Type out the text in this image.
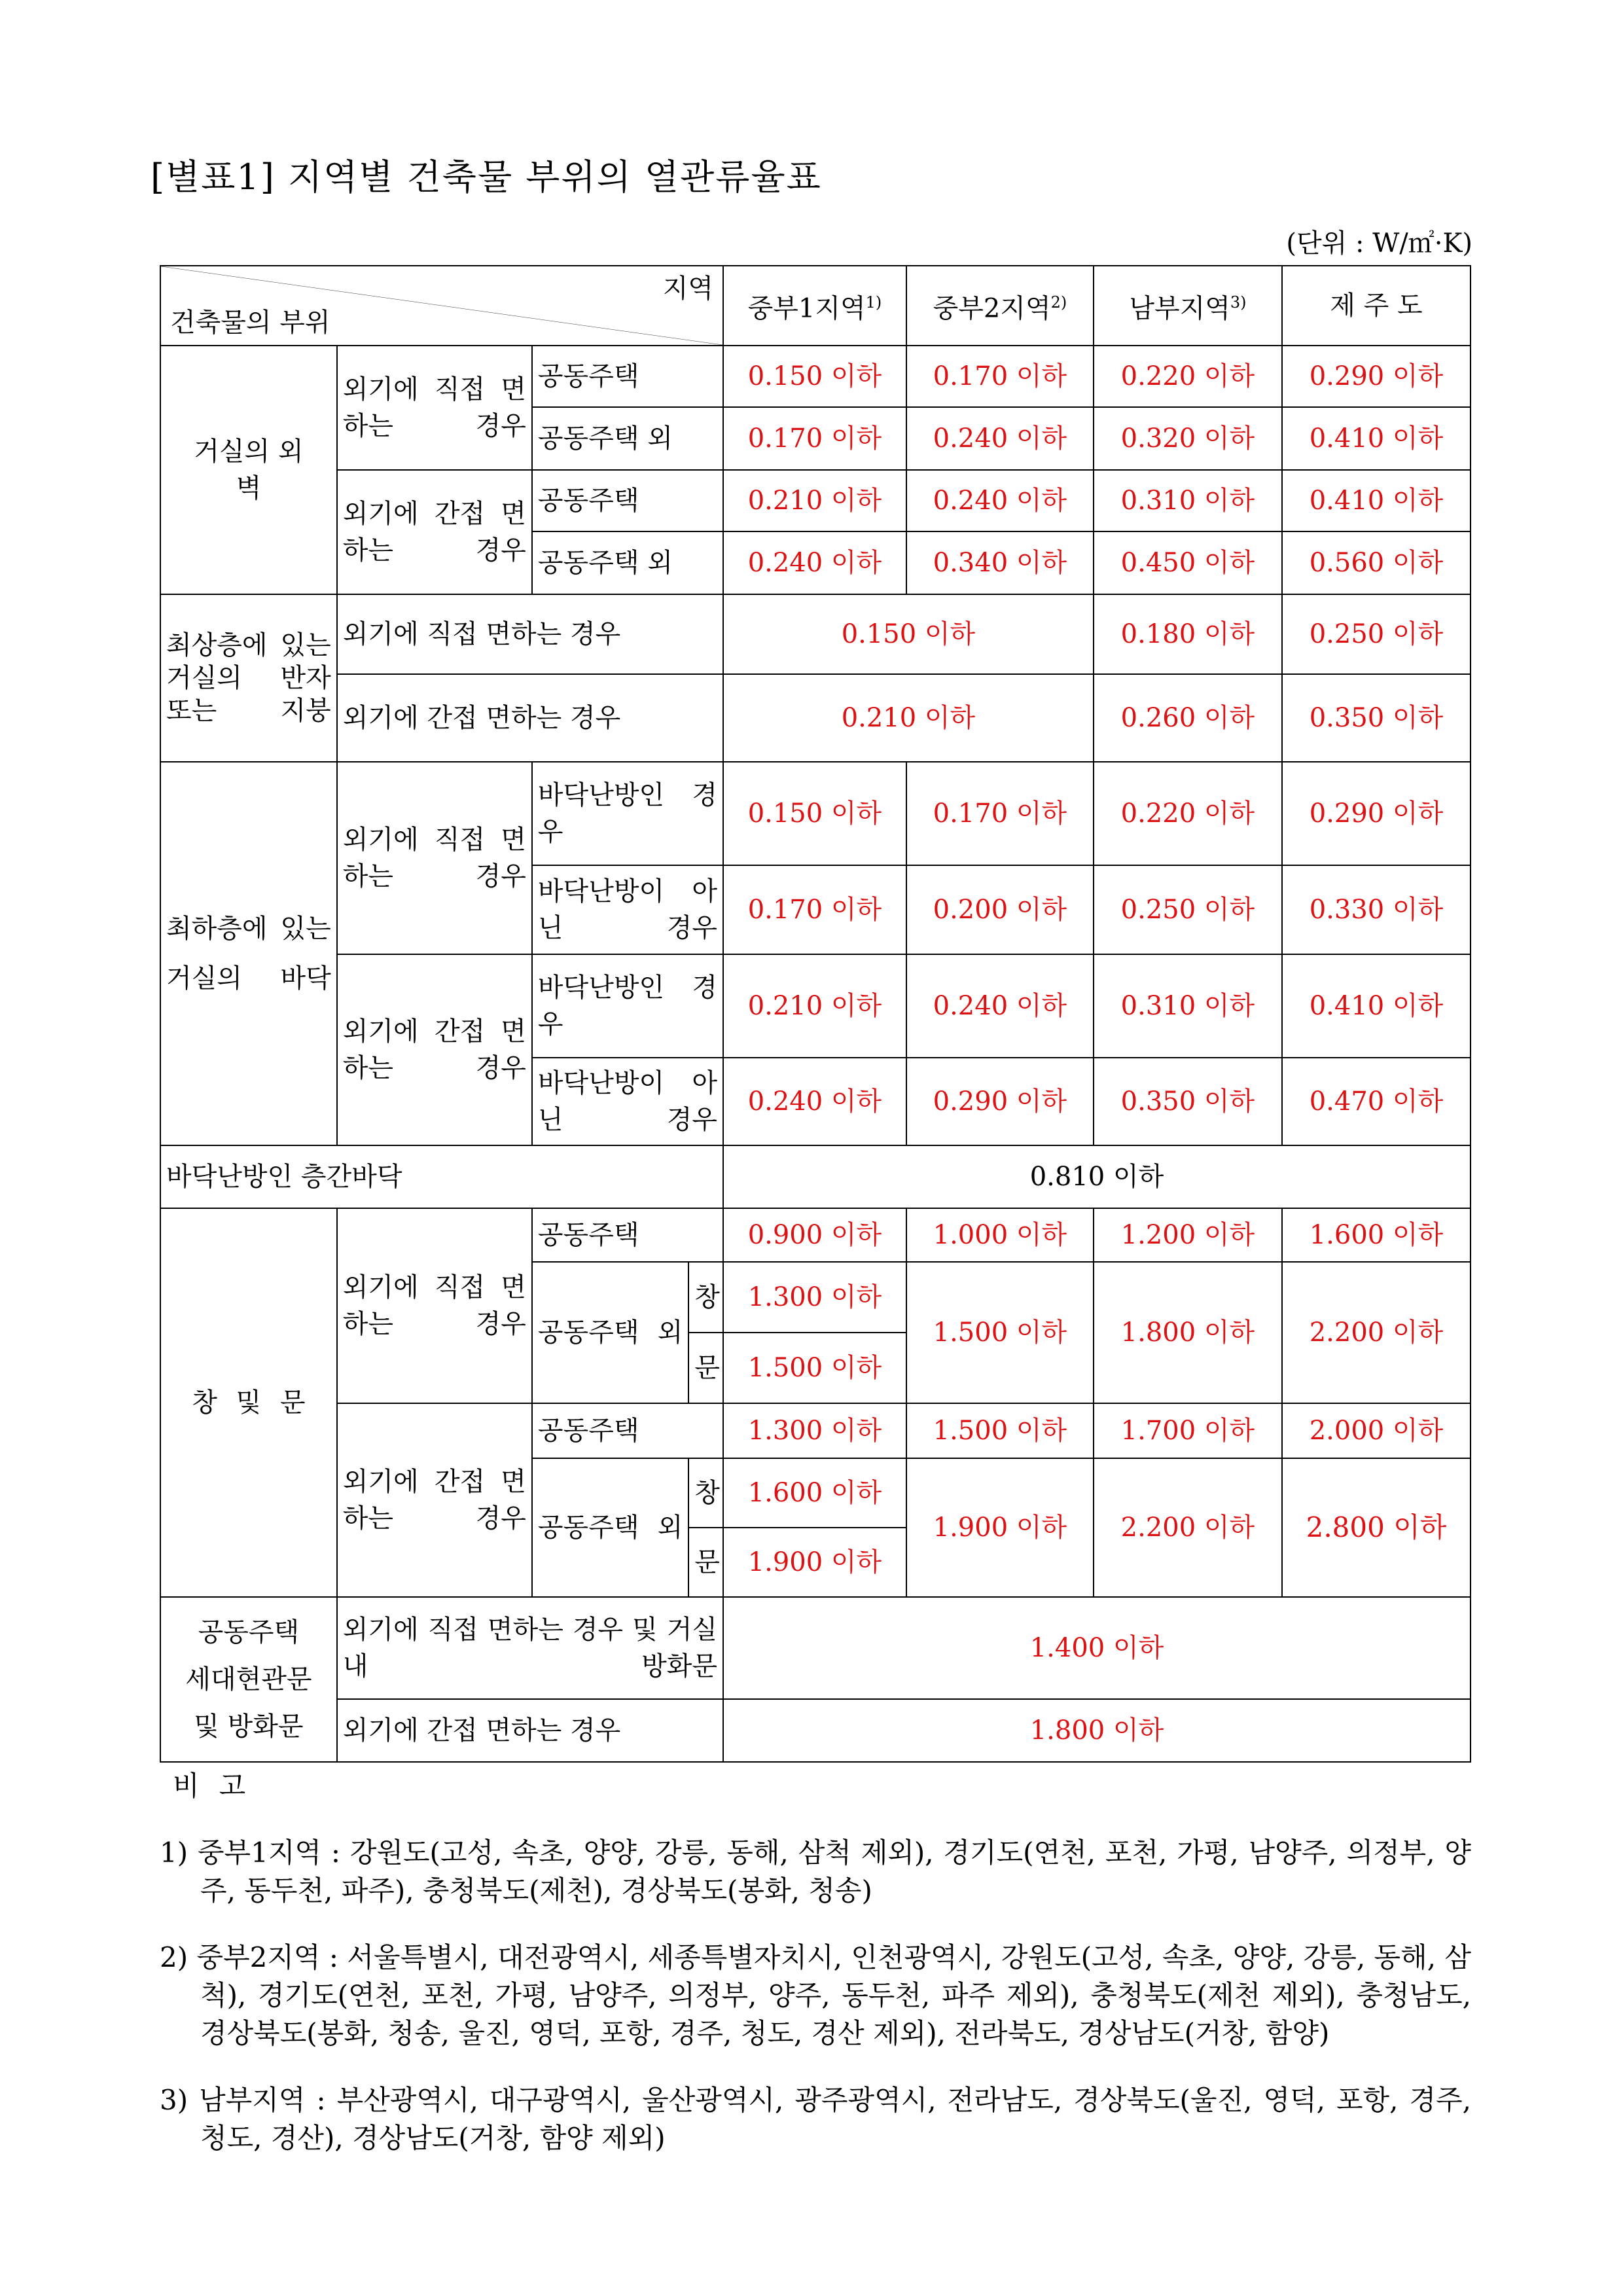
[별표1] 지역별 건축물 부위의 열관류율표
(단위 : W/㎡·K)
지역
건축물의 부위				중부1지역$^{1)}$	중부2지역$^{2)}$	남부지역$^{3)}$	제 주 도
거실의 외벽	외기에 직접 면하는 경우	공동주택		0.150 이하	0.170 이하	0.220 이하	0.290 이하
		공동주택 외		0.170 이하	0.240 이하	0.320 이하	0.410 이하
	외기에 간접 면하는 경우	공동주택		0.210 이하	0.240 이하	0.310 이하	0.410 이하
		공동주택 외		0.240 이하	0.340 이하	0.450 이하	0.560 이하
최상층에 있는 거실의 반자 또는 지붕	외기에 직접 면하는 경우			0.150 이하		0.180 이하	0.250 이하
	외기에 간접 면하는 경우			0.210 이하		0.260 이하	0.350 이하
최하층에 있는 거실의 바닥	외기에 직접 면하는 경우	바닥난방인 경우		0.150 이하	0.170 이하	0.220 이하	0.290 이하
		바닥난방이 아닌 경우		0.170 이하	0.200 이하	0.250 이하	0.330 이하
	외기에 간접 면하는 경우	바닥난방인 경우		0.210 이하	0.240 이하	0.310 이하	0.410 이하
		바닥난방이 아닌 경우		0.240 이하	0.290 이하	0.350 이하	0.470 이하
바닥난방인 층간바닥				0.810 이하			
창 및 문	외기에 직접 면하는 경우	공동주택		0.900 이하	1.000 이하	1.200 이하	1.600 이하
		공동주택 외	창	1.300 이하	1.500 이하	1.800 이하	2.200 이하
			문	1.500 이하			
	외기에 간접 면하는 경우	공동주택		1.300 이하	1.500 이하	1.700 이하	2.000 이하
		공동주택 외	창	1.600 이하	1.900 이하	2.200 이하	2.800 이하
			문	1.900 이하			

공동주택
세대현관문
및 방화문	외기에 직접 면하는 경우 및 거실 내 방화문			1.400 이하			
	외기에 간접 면하는 경우			1.800 이하			
비고
1) 중부1지역 : 강원도(고성, 속초, 양양, 강릉, 동해, 삼척 제외), 경기도(연천, 포천, 가평, 남양주, 의정부, 양주, 동두천, 파주), 충청북도(제천), 경상북도(봉화, 청송)
2) 중부2지역 : 서울특별시, 대전광역시, 세종특별자치시, 인천광역시, 강원도(고성, 속초, 양양, 강릉, 동해, 삼척), 경기도(연천, 포천, 가평, 남양주, 의정부, 양주, 동두천, 파주 제외), 충청북도(제천 제외), 충청남도, 경상북도(봉화, 청송, 울진, 영덕, 포항, 경주, 청도, 경산 제외), 전라북도, 경상남도(거창, 함양)
3) 남부지역 : 부산광역시, 대구광역시, 울산광역시, 광주광역시, 전라남도, 경상북도(울진, 영덕, 포항, 경주, 청도, 경산), 경상남도(거창, 함양 제외)
